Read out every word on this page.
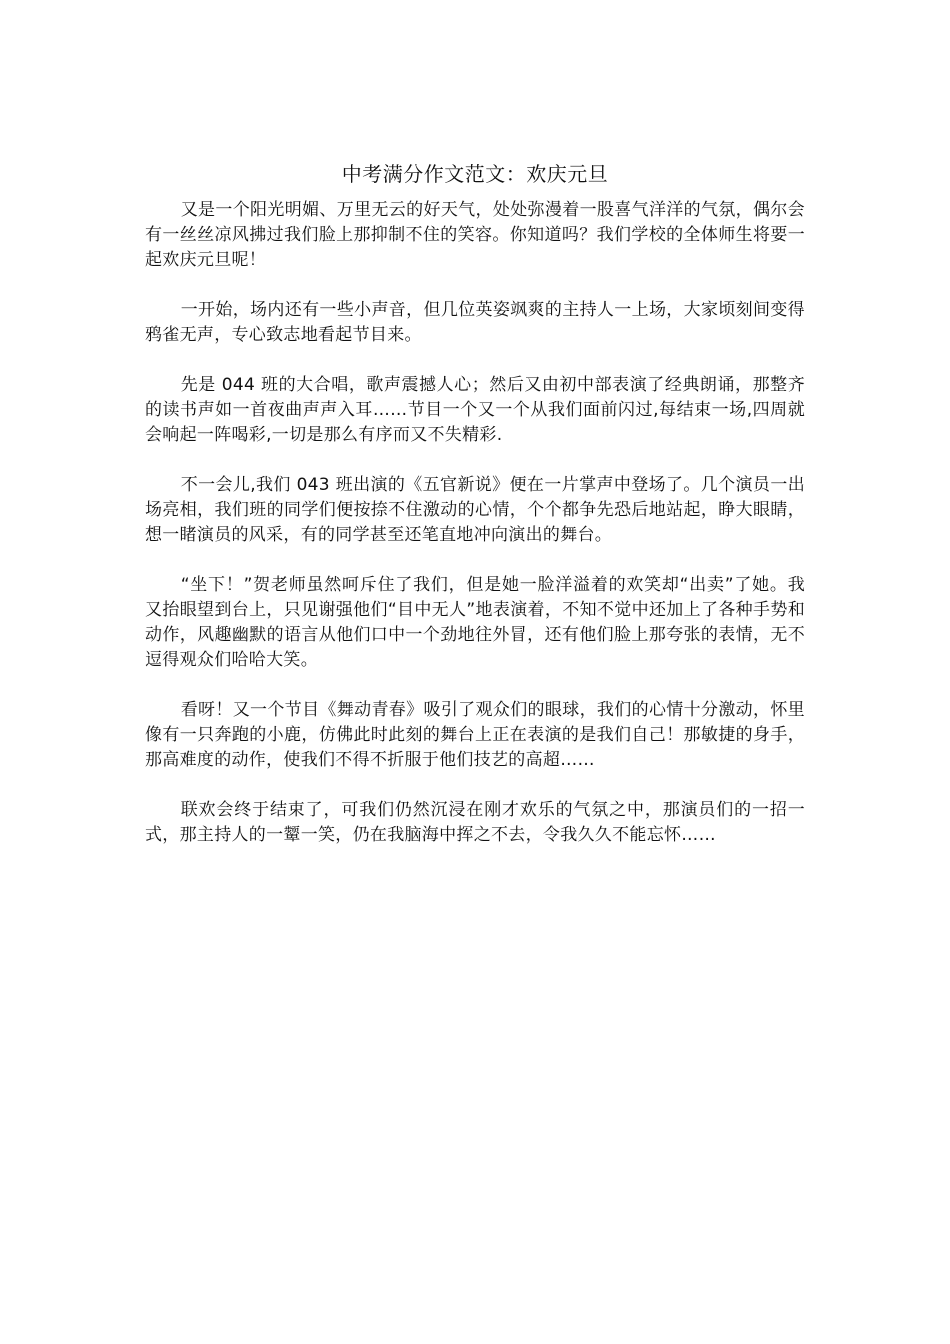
中考满分作文范文：欢庆元旦

又是一个阳光明媚、万里无云的好天气，处处弥漫着一股喜气洋洋的气氛，偶尔会有一丝丝凉风拂过我们脸上那抑制不住的笑容。你知道吗？我们学校的全体师生将要一起欢庆元旦呢！

一开始，场内还有一些小声音，但几位英姿飒爽的主持人一上场，大家顷刻间变得鸦雀无声，专心致志地看起节目来。

先是 044 班的大合唱，歌声震撼人心；然后又由初中部表演了经典朗诵，那整齐的读书声如一首夜曲声声入耳……节目一个又一个从我们面前闪过,每结束一场,四周就会响起一阵喝彩,一切是那么有序而又不失精彩.

不一会儿,我们 043 班出演的《五官新说》便在一片掌声中登场了。几个演员一出场亮相，我们班的同学们便按捺不住激动的心情，个个都争先恐后地站起，睁大眼睛，想一睹演员的风采，有的同学甚至还笔直地冲向演出的舞台。

“坐下！”贺老师虽然呵斥住了我们，但是她一脸洋溢着的欢笑却“出卖”了她。我又抬眼望到台上，只见谢强他们“目中无人”地表演着，不知不觉中还加上了各种手势和动作，风趣幽默的语言从他们口中一个劲地往外冒，还有他们脸上那夸张的表情，无不逗得观众们哈哈大笑。

看呀！又一个节目《舞动青春》吸引了观众们的眼球，我们的心情十分激动，怀里像有一只奔跑的小鹿，仿佛此时此刻的舞台上正在表演的是我们自己！那敏捷的身手，那高难度的动作，使我们不得不折服于他们技艺的高超……

联欢会终于结束了，可我们仍然沉浸在刚才欢乐的气氛之中，那演员们的一招一式，那主持人的一颦一笑，仍在我脑海中挥之不去，令我久久不能忘怀……
